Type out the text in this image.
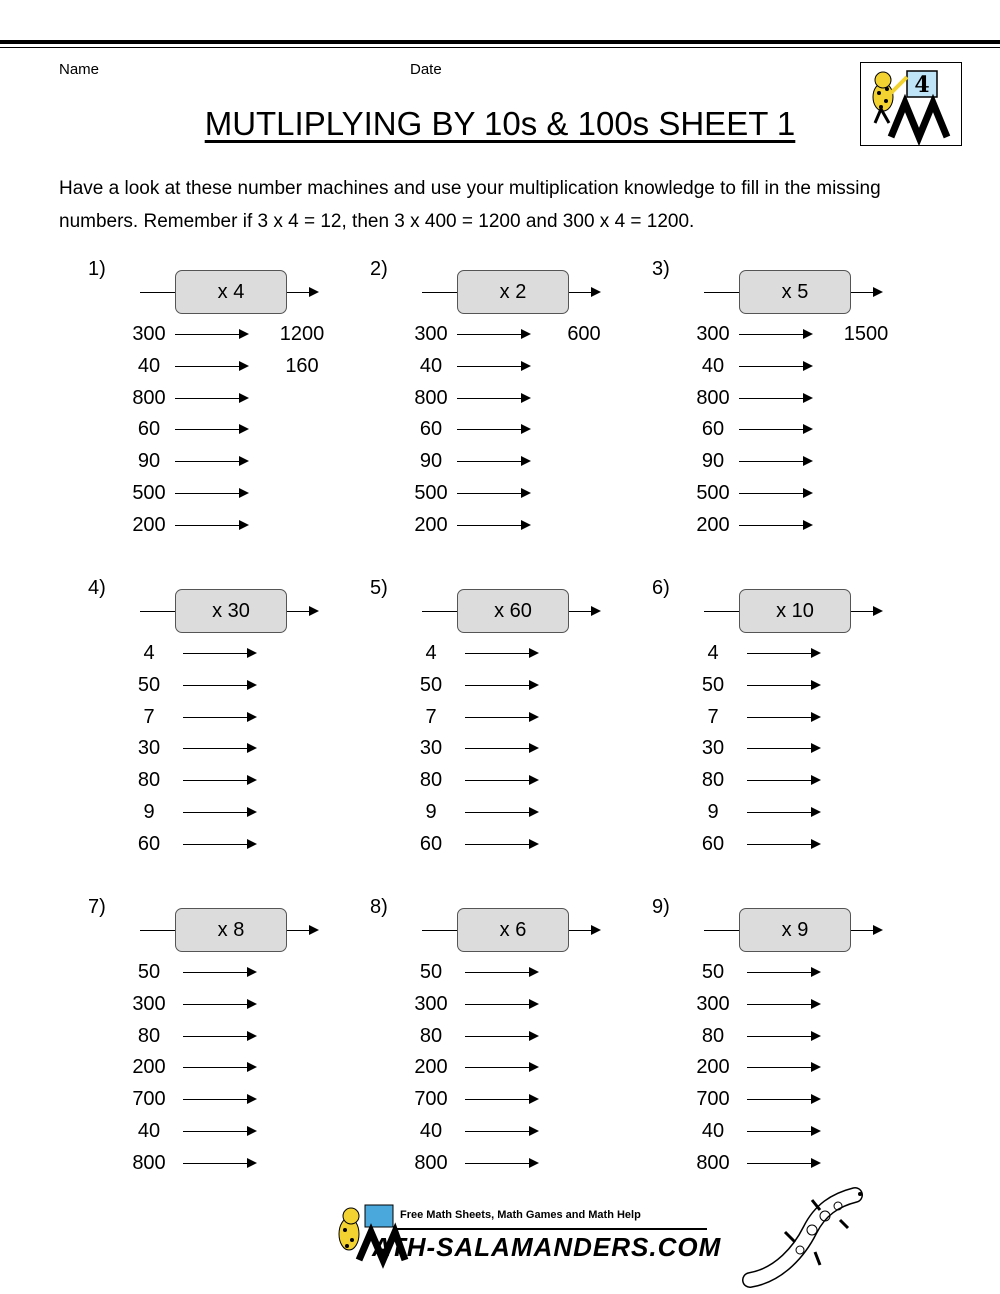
Name	Date
4
MUTLIPLYING BY 10s & 100s SHEET 1
Have a look at these number machines and use your multiplication knowledge to fill in the missing numbers. Remember if 3 x 4 = 12, then 3 x 400 = 1200 and 300 x 4 = 1200.
1)
x 4
300	1200
40	160
800
60
90
500
200
2)
x 2
300	600
40
800
60
90
500
200
3)
x 5
300	1500
40
800
60
90
500
200
4)
x 30
4
50
7
30
80
9
60
5)
x 60
4
50
7
30
80
9
60
6)
x 10
4
50
7
30
80
9
60
7)
x 8
50
300
80
200
700
40
800
8)
x 6
50
300
80
200
700
40
800
9)
x 9
50
300
80
200
700
40
800
Free Math Sheets, Math Games and Math Help
ATH-SALAMANDERS.COM
